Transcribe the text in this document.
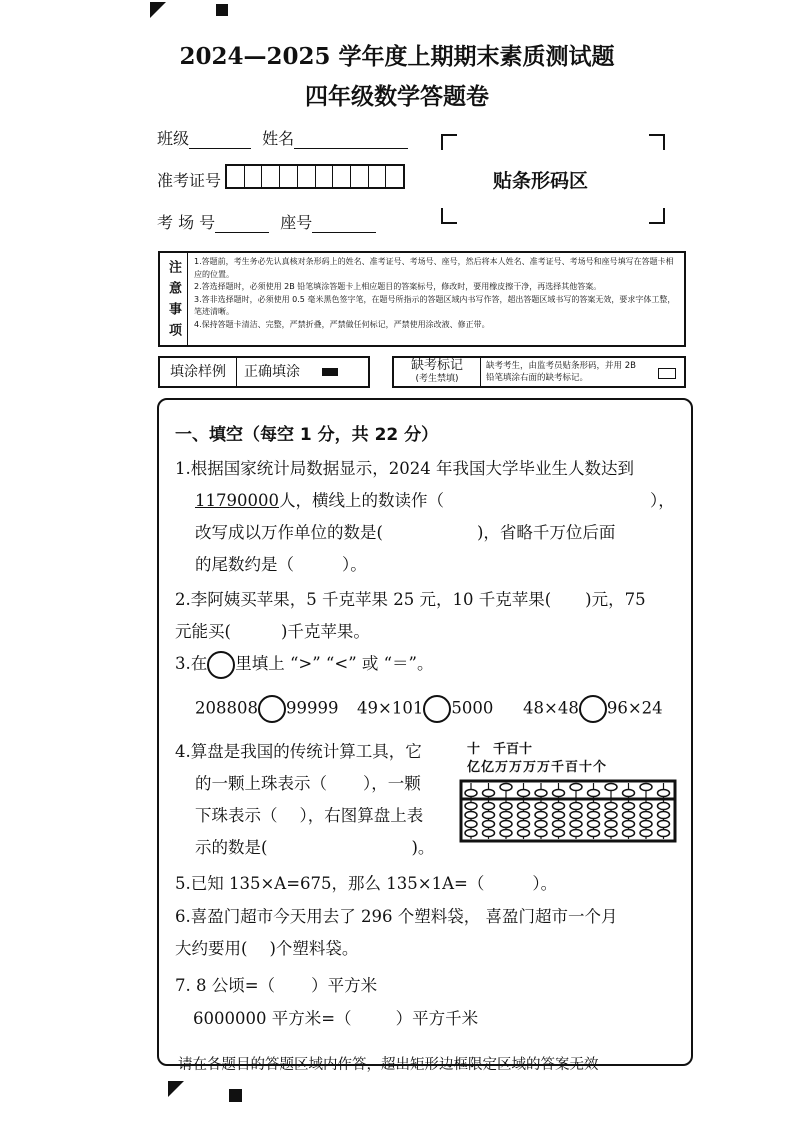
2024—2025 学年度上期期末素质测试题
四年级数学答题卷
班级	姓名
准考证号
考 场 号	座号
贴条形码区
注意事项	1.答题前，考生务必先认真核对条形码上的姓名、准考证号、考场号、座号，然后将本人姓名、准考证号、考场号和座号填写在答题卡相应的位置。
2.答选择题时，必须使用 2B 铅笔填涂答题卡上相应题目的答案标号，修改时，要用橡皮擦干净，再选择其他答案。
3.答非选择题时，必须使用 0.5 毫米黑色签字笔，在题号所指示的答题区域内书写作答，超出答题区域书写的答案无效，要求字体工整，笔迹清晰。
4.保持答题卡清洁、完整，严禁折叠，严禁做任何标记，严禁使用涂改液、修正带。
填涂样例	正确填涂	缺考标记
(考生禁填)
缺考考生，由监考员贴条形码，并用 2B 铅笔填涂右面的缺考标记。
一、填空（每空 1 分，共 22 分）
1.根据国家统计局数据显示，2024 年我国大学毕业生人数达到
11790000人，横线上的数读作（	），
改写成以万作单位的数是(	)，省略千万位后面
的尾数约是（	）。
2.李阿姨买苹果，5 千克苹果 25 元，10 千克苹果( )元，75
元能买(	)千克苹果。
3.在 里填上 “>” “<” 或 “＝”。
208808 99999 49×101 5000 48×48 96×24
4.算盘是我国的传统计算工具，它
的一颗上珠表示（ ），一颗
下珠表示（ ），右图算盘上表
示的数是(	)。
十　千百十
亿亿万万万万千百十个
5.已知 135×A=675，那么 135×1A=（	）。
6.喜盈门超市今天用去了 296 个塑料袋， 喜盈门超市一个月
大约要用( )个塑料袋。
7. 8 公顷=（ ）平方米
6000000 平方米=（	）平方千米
请在各题目的答题区域内作答，超出矩形边框限定区域的答案无效
